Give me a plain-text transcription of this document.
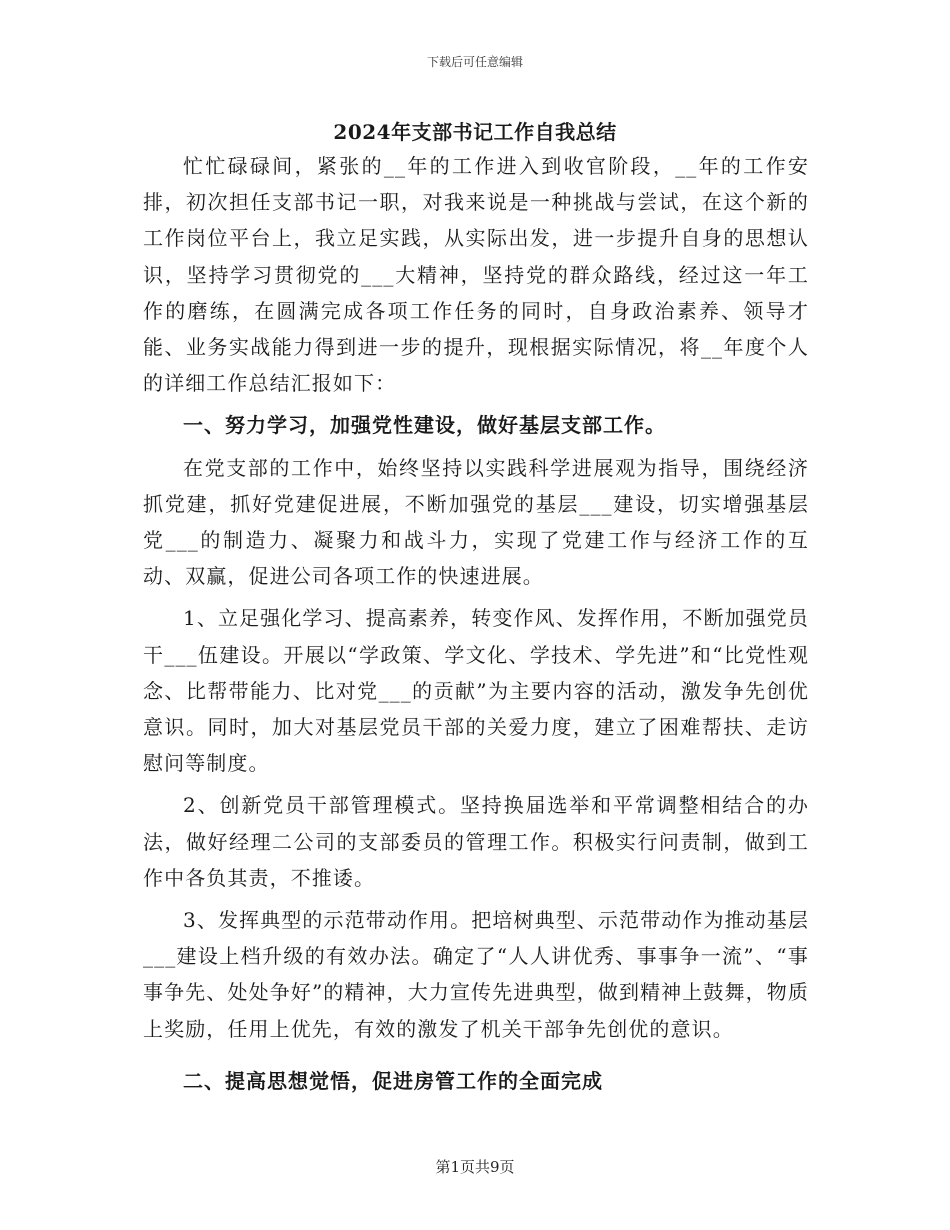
下载后可任意编辑
2024年支部书记工作自我总结

忙忙碌碌间，紧张的__年的工作进入到收官阶段，__年的工作安排，初次担任支部书记一职，对我来说是一种挑战与尝试，在这个新的工作岗位平台上，我立足实践，从实际出发，进一步提升自身的思想认识，坚持学习贯彻党的___大精神，坚持党的群众路线，经过这一年工作的磨练，在圆满完成各项工作任务的同时，自身政治素养、领导才能、业务实战能力得到进一步的提升，现根据实际情况，将__年度个人的详细工作总结汇报如下：

一、努力学习，加强党性建设，做好基层支部工作。

在党支部的工作中，始终坚持以实践科学进展观为指导，围绕经济抓党建，抓好党建促进展，不断加强党的基层___建设，切实增强基层党___的制造力、凝聚力和战斗力，实现了党建工作与经济工作的互动、双赢，促进公司各项工作的快速进展。

1、立足强化学习、提高素养，转变作风、发挥作用，不断加强党员干___伍建设。开展以“学政策、学文化、学技术、学先进”和“比党性观念、比帮带能力、比对党___的贡献”为主要内容的活动，激发争先创优意识。同时，加大对基层党员干部的关爱力度，建立了困难帮扶、走访慰问等制度。

2、创新党员干部管理模式。坚持换届选举和平常调整相结合的办法，做好经理二公司的支部委员的管理工作。积极实行问责制，做到工作中各负其责，不推诿。

3、发挥典型的示范带动作用。把培树典型、示范带动作为推动基层___建设上档升级的有效办法。确定了“人人讲优秀、事事争一流”、“事事争先、处处争好”的精神，大力宣传先进典型，做到精神上鼓舞，物质上奖励，任用上优先，有效的激发了机关干部争先创优的意识。

二、提高思想觉悟，促进房管工作的全面完成

第1页共9页
